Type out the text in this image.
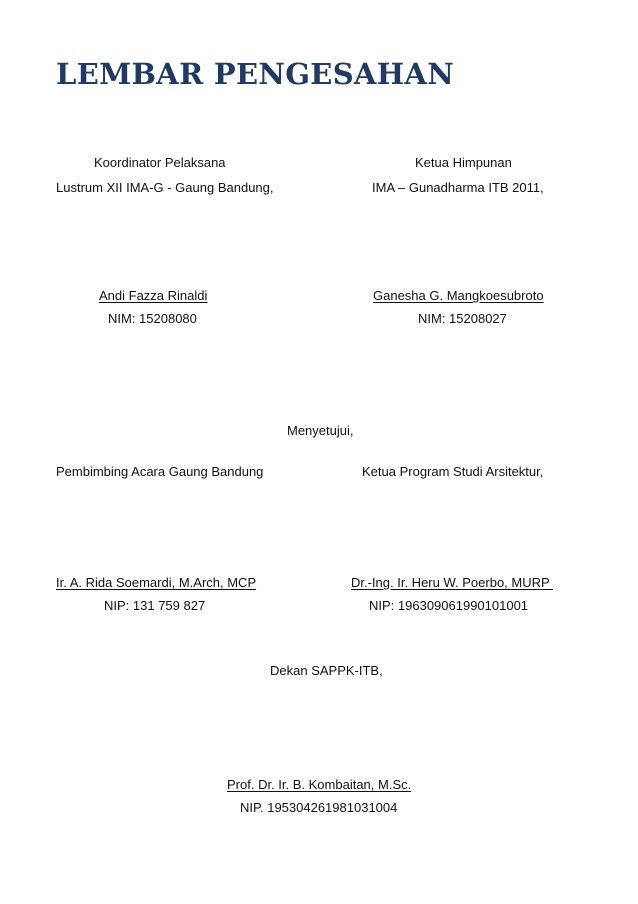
LEMBAR PENGESAHAN
Koordinator Pelaksana
Lustrum XII IMA-G - Gaung Bandung,
Andi Fazza Rinaldi
NIM: 15208080
Ketua Himpunan
IMA – Gunadharma ITB 2011,
Ganesha G. Mangkoesubroto
NIM: 15208027
Menyetujui,
Pembimbing Acara Gaung Bandung
Ir. A. Rida Soemardi, M.Arch, MCP
NIP: 131 759 827
Ketua Program Studi Arsitektur,
Dr.-Ing. Ir. Heru W. Poerbo, MURP
NIP: 196309061990101001
Dekan SAPPK-ITB,
Prof. Dr. Ir. B. Kombaitan, M.Sc.
NIP. 195304261981031004
